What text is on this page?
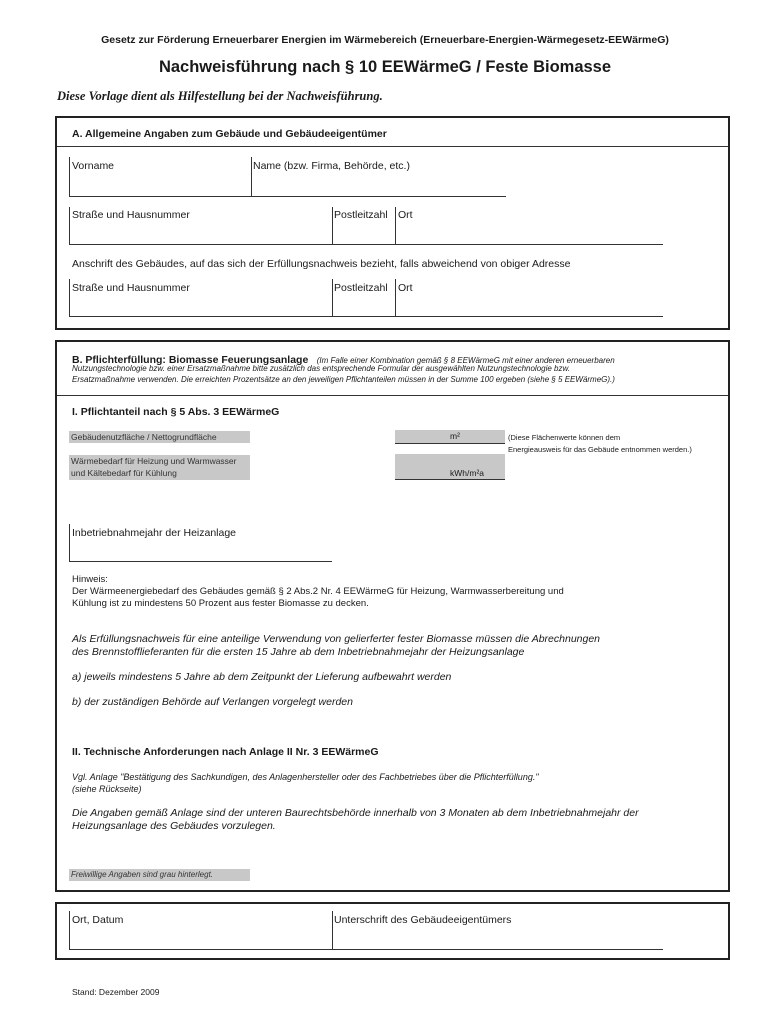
Gesetz zur Förderung Erneuerbarer Energien im Wärmebereich (Erneuerbare-Energien-Wärmegesetz-EEWärmeG)
Nachweisführung nach § 10 EEWärmeG / Feste Biomasse
Diese Vorlage dient als Hilfestellung bei der Nachweisführung.
A. Allgemeine Angaben zum Gebäude und Gebäudeeigentümer
Vorname	Name (bzw. Firma, Behörde, etc.)
Straße und Hausnummer	Postleitzahl Ort
Anschrift des Gebäudes, auf das sich der Erfüllungsnachweis bezieht, falls abweichend von obiger Adresse
Straße und Hausnummer	Postleitzahl Ort
B. Pflichterfüllung: Biomasse Feuerungsanlage (Im Falle einer Kombination gemäß § 8 EEWärmeG mit einer anderen erneuerbaren
Nutzungstechnologie bzw. einer Ersatzmaßnahme bitte zusätzlich das entsprechende Formular der ausgewählten Nutzungstechnologie bzw.
Ersatzmaßnahme verwenden. Die erreichten Prozentsätze an den jeweiligen Pflichtanteilen müssen in der Summe 100 ergeben (siehe § 5 EEWärmeG).)
I. Pflichtanteil nach § 5 Abs. 3 EEWärmeG
Gebäudenutzfläche / Nettogrundfläche	m²	(Diese Flächenwerte können dem
Energieausweis für das Gebäude entnommen werden.)
Wärmebedarf für Heizung und Warmwasser
und Kältebedarf für Kühlung	kWh/m²a
Inbetriebnahmejahr der Heizanlage
Hinweis:
Der Wärmeenergiebedarf des Gebäudes gemäß § 2 Abs.2 Nr. 4 EEWärmeG für Heizung, Warmwasserbereitung und
Kühlung ist zu mindestens 50 Prozent aus fester Biomasse zu decken.
Als Erfüllungsnachweis für eine anteilige Verwendung von gelierferter fester Biomasse müssen die Abrechnungen
des Brennstofflieferanten für die ersten 15 Jahre ab dem Inbetriebnahmejahr der Heizungsanlage
a) jeweils mindestens 5 Jahre ab dem Zeitpunkt der Lieferung aufbewahrt werden
b) der zuständigen Behörde auf Verlangen vorgelegt werden
II. Technische Anforderungen nach Anlage II Nr. 3 EEWärmeG
Vgl. Anlage "Bestätigung des Sachkundigen, des Anlagenhersteller oder des Fachbetriebes über die Pflichterfüllung."
(siehe Rückseite)
Die Angaben gemäß Anlage sind der unteren Baurechtsbehörde innerhalb von 3 Monaten ab dem Inbetriebnahmejahr der
Heizungsanlage des Gebäudes vorzulegen.
Freiwillige Angaben sind grau hinterlegt.
Ort, Datum	Unterschrift des Gebäudeeigentümers
Stand: Dezember 2009
